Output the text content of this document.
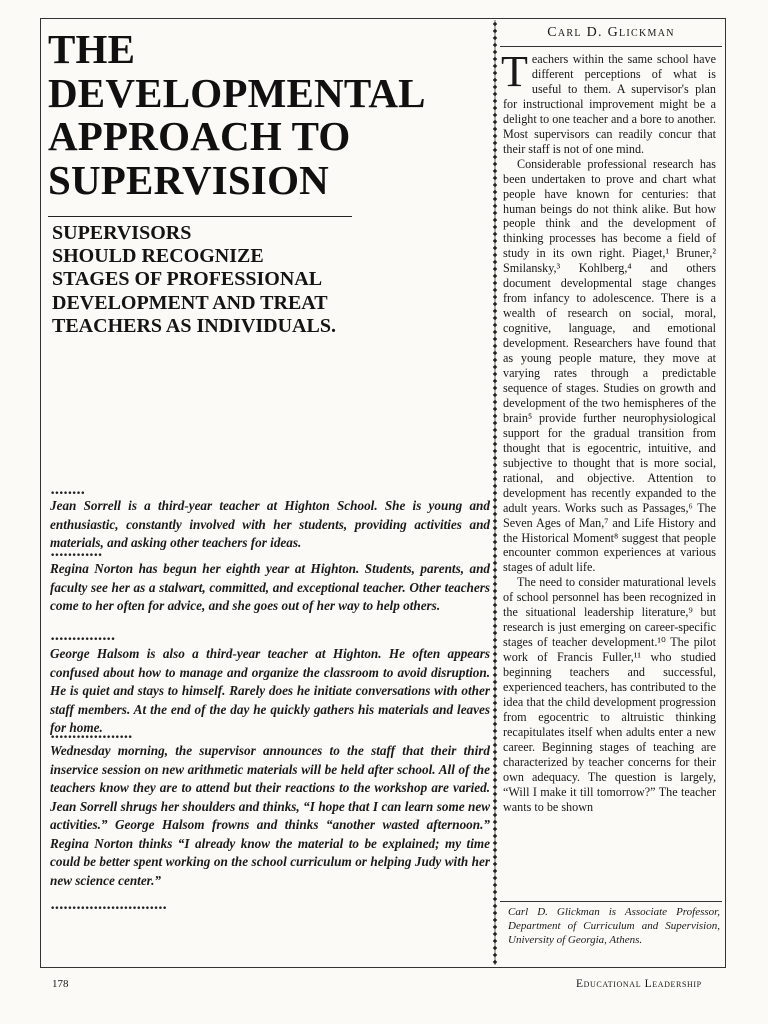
THE
DEVELOPMENTAL
APPROACH TO
SUPERVISION
SUPERVISORS
SHOULD RECOGNIZE
STAGES OF PROFESSIONAL
DEVELOPMENT AND TREAT
TEACHERS AS INDIVIDUALS.
••••••••

Jean Sorrell is a third-year teacher at Highton School. She is young and enthusiastic, constantly involved with her students, providing activities and materials, and asking other teachers for ideas.

••••••••••••

Regina Norton has begun her eighth year at Highton. Students, parents, and faculty see her as a stalwart, committed, and exceptional teacher. Other teachers come to her often for advice, and she goes out of her way to help others.

•••••••••••••••

George Halsom is also a third-year teacher at Highton. He often appears confused about how to manage and organize the classroom to avoid disruption. He is quiet and stays to himself. Rarely does he initiate conversations with other staff members. At the end of the day he quickly gathers his materials and leaves for home.

•••••••••••••••••••

Wednesday morning, the supervisor announces to the staff that their third inservice session on new arithmetic materials will be held after school. All of the teachers know they are to attend but their reactions to the workshop are varied. Jean Sorrell shrugs her shoulders and thinks, “I hope that I can learn some new activities.” George Halsom frowns and thinks “another wasted afternoon.” Regina Norton thinks “I already know the material to be explained; my time could be better spent working on the school curriculum or helping Judy with her new science center.”

•••••••••••••••••••••••••••

Carl D. Glickman

Teachers within the same school have different perceptions of what is useful to them. A supervisor's plan for instructional improvement might be a delight to one teacher and a bore to another. Most supervisors can readily concur that their staff is not of one mind.

Considerable professional research has been undertaken to prove and chart what people have known for centuries: that human beings do not think alike. But how people think and the development of thinking processes has become a field of study in its own right. Piaget,¹ Bruner,² Smilansky,³ Kohlberg,⁴ and others document developmental stage changes from infancy to adolescence. There is a wealth of research on social, moral, cognitive, language, and emotional development. Researchers have found that as young people mature, they move at varying rates through a predictable sequence of stages. Studies on growth and development of the two hemispheres of the brain⁵ provide further neurophysiological support for the gradual transition from thought that is egocentric, intuitive, and subjective to thought that is more social, rational, and objective. Attention to development has recently expanded to the adult years. Works such as Passages,⁶ The Seven Ages of Man,⁷ and Life History and the Historical Moment⁸ suggest that people encounter common experiences at various stages of adult life.

The need to consider maturational levels of school personnel has been recognized in the situational leadership literature,⁹ but research is just emerging on career-specific stages of teacher development.¹⁰ The pilot work of Francis Fuller,¹¹ who studied beginning teachers and successful, experienced teachers, has contributed to the idea that the child development progression from egocentric to altruistic thinking recapitulates itself when adults enter a new career. Beginning stages of teaching are characterized by teacher concerns for their own adequacy. The question is largely, “Will I make it till tomorrow?” The teacher wants to be shown

Carl D. Glickman is Associate Professor, Department of Curriculum and Supervision, University of Georgia, Athens.

178	Educational Leadership
